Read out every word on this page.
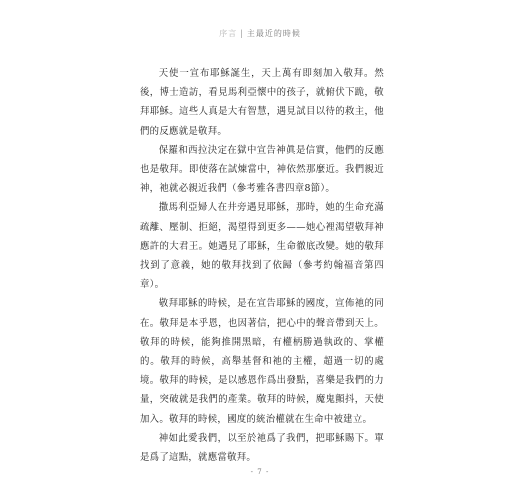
序言 | 主最近的時候

天使一宣布耶穌誕生，天上萬有即刻加入敬拜。然後，博士造訪，看見馬利亞懷中的孩子，就俯伏下跪，敬拜耶穌。這些人真是大有智慧，遇見試目以待的救主，他們的反應就是敬拜。

保羅和西拉決定在獄中宣告神眞是信實，他們的反應也是敬拜。即使落在試煉當中，神依然那麼近。我們親近神，祂就必親近我們（參考雅各書四章8節）。

撒馬利亞婦人在井旁遇見耶穌，那時，她的生命充滿疏離、壓制、拒絕，渴望得到更多——她心裡渴望敬拜神應許的大君王。她遇見了耶穌，生命徹底改變。她的敬拜找到了意義，她的敬拜找到了依歸（參考約翰福音第四章）。

敬拜耶穌的時候，是在宣告耶穌的國度，宣佈祂的同在。敬拜是本乎恩，也因著信，把心中的聲音帶到天上。敬拜的時候，能夠推開黑暗，有權柄勝過執政的、掌權的。敬拜的時候，高舉基督和祂的主權，超過一切的處境。敬拜的時候，是以感恩作爲出發點，喜樂是我們的力量，突破就是我們的產業。敬拜的時候，魔鬼顫抖，天使加入。敬拜的時候，國度的統治權就在生命中被建立。

神如此愛我們，以至於祂爲了我們，把耶穌賜下。單是爲了這點，就應當敬拜。

- 7 -
